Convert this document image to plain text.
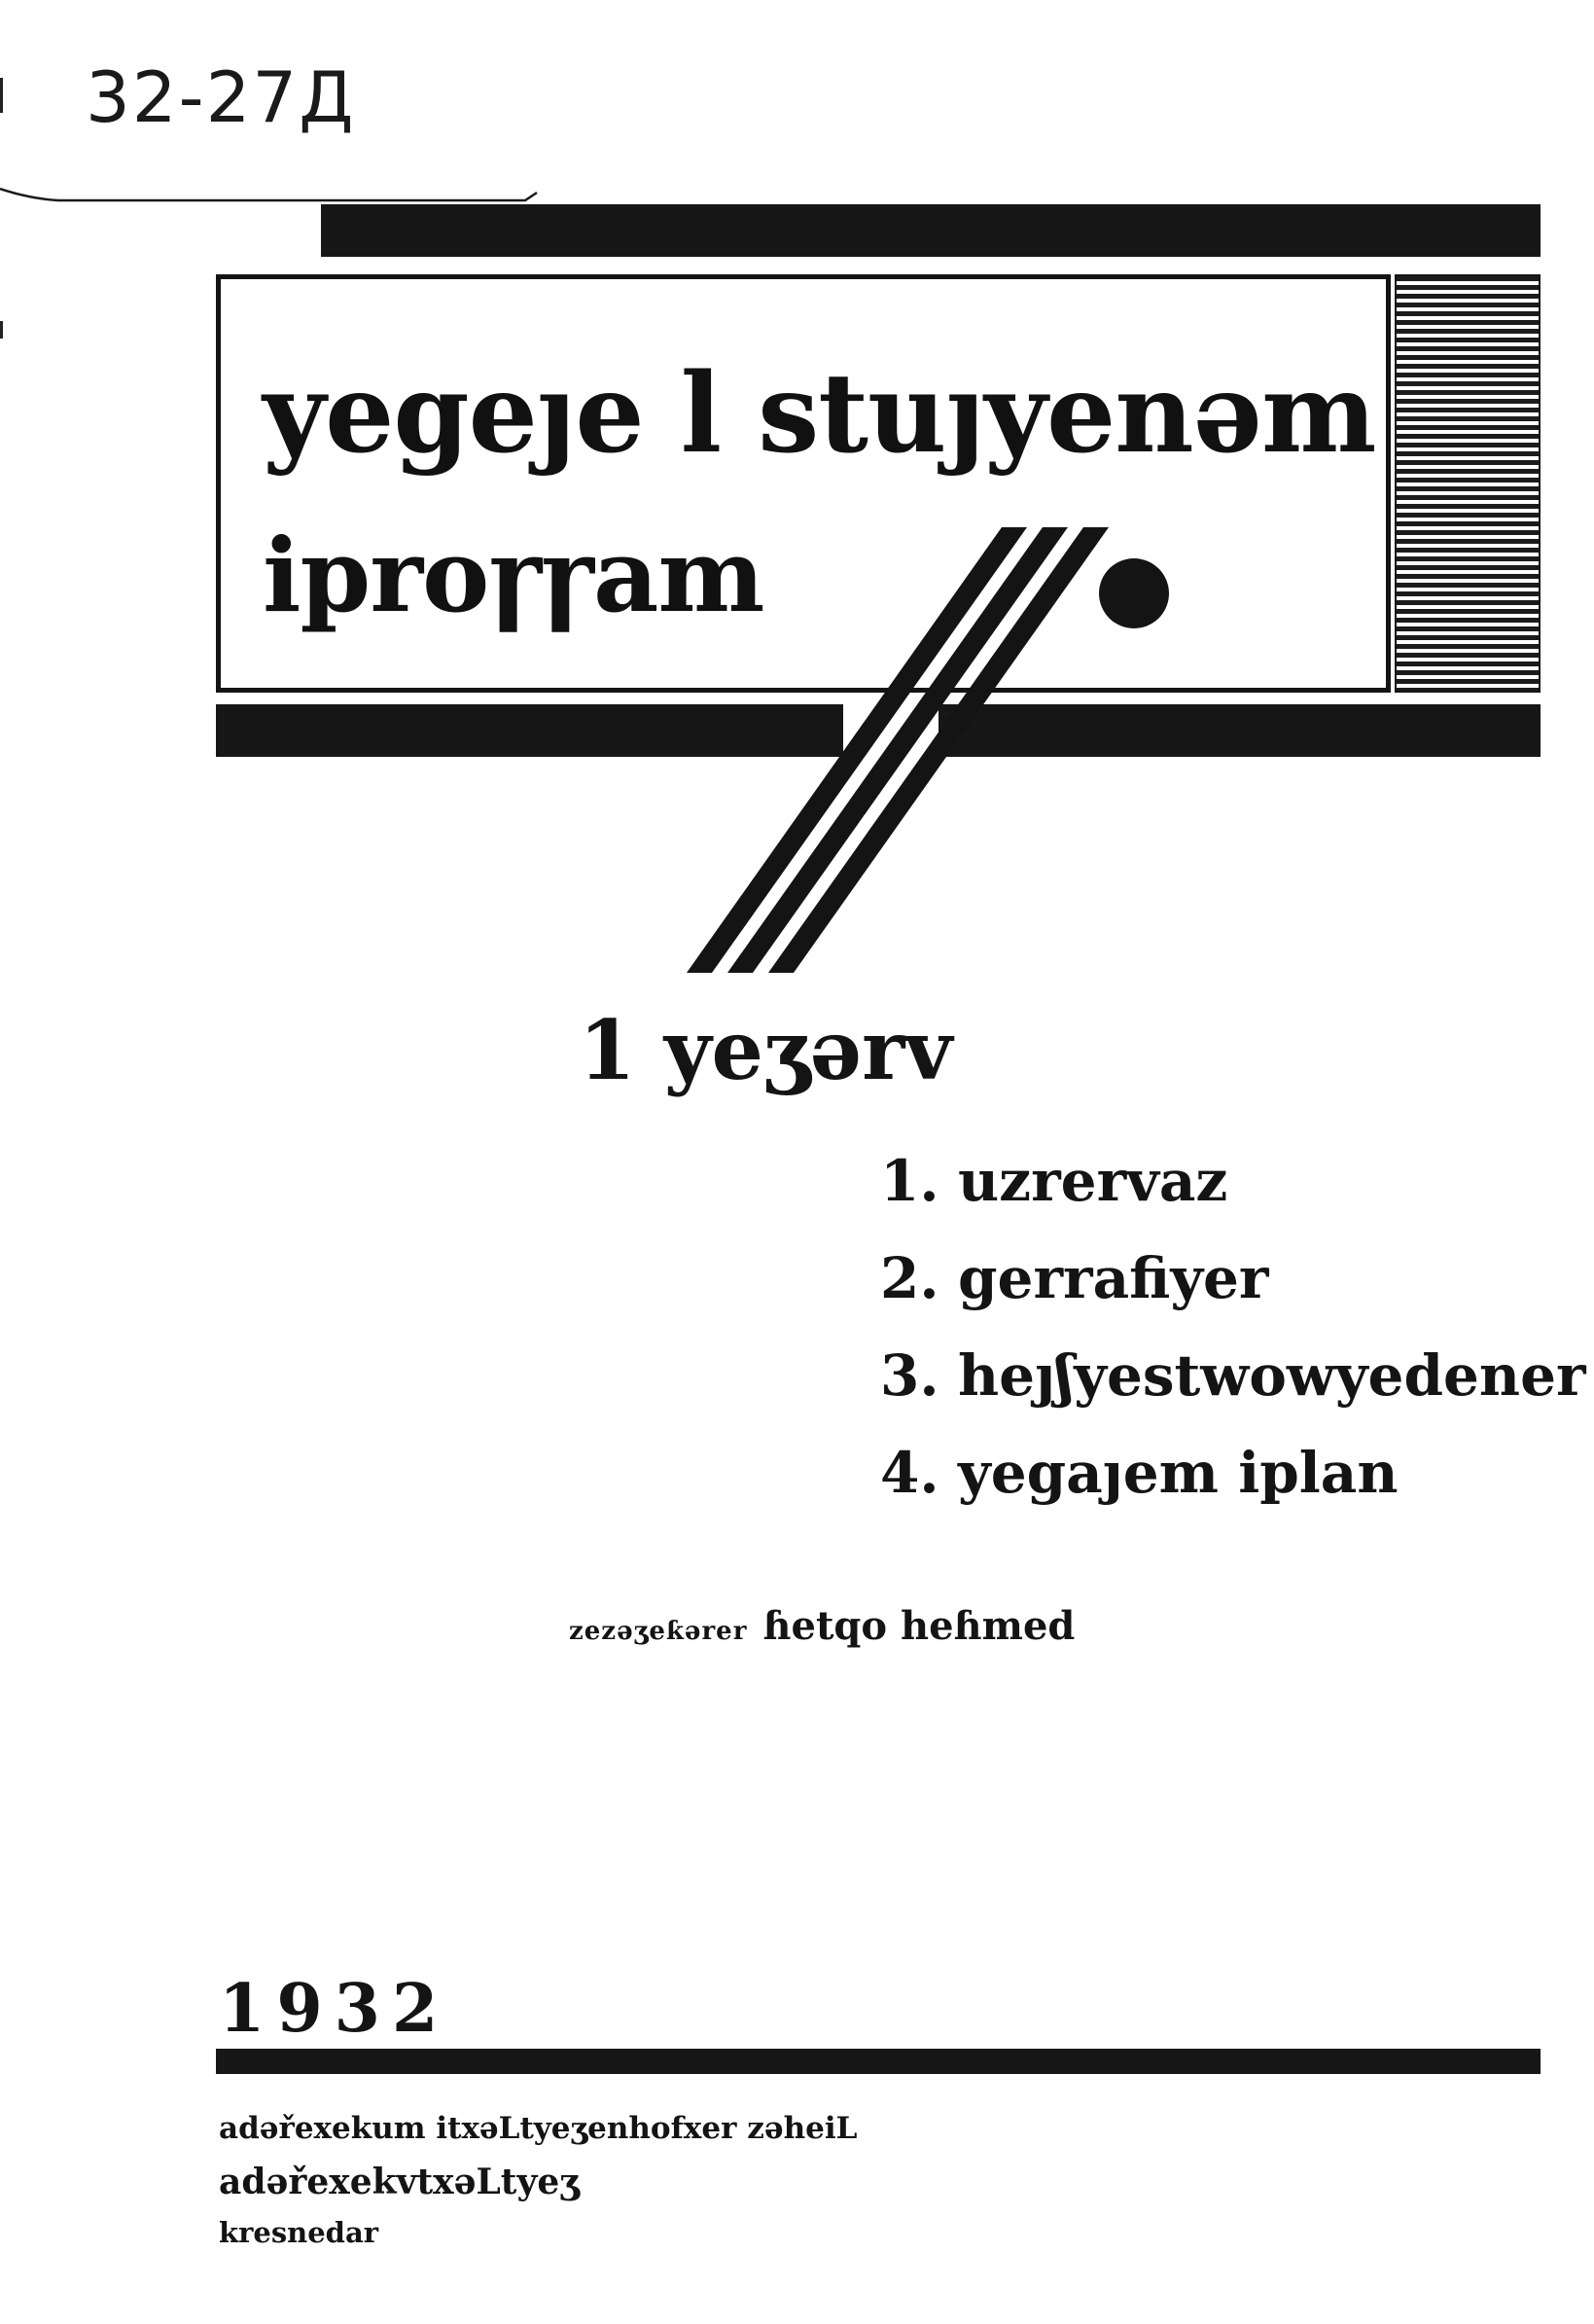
32-27Д
yegeȷe l stuȷyenəm
iproꞅꞅam
1 yeʒərv
1. uzrervaz
2. gerrafiyer
3. heȷʃyestwowyedener
4. yegaȷem iplan
zezəʒeƙərer ɦetqo heɦmed
1932
adəřexekum itxəLtyeʒenhofxer zəheiL
adəřexekvtxəLtyeʒ
kresnedar
